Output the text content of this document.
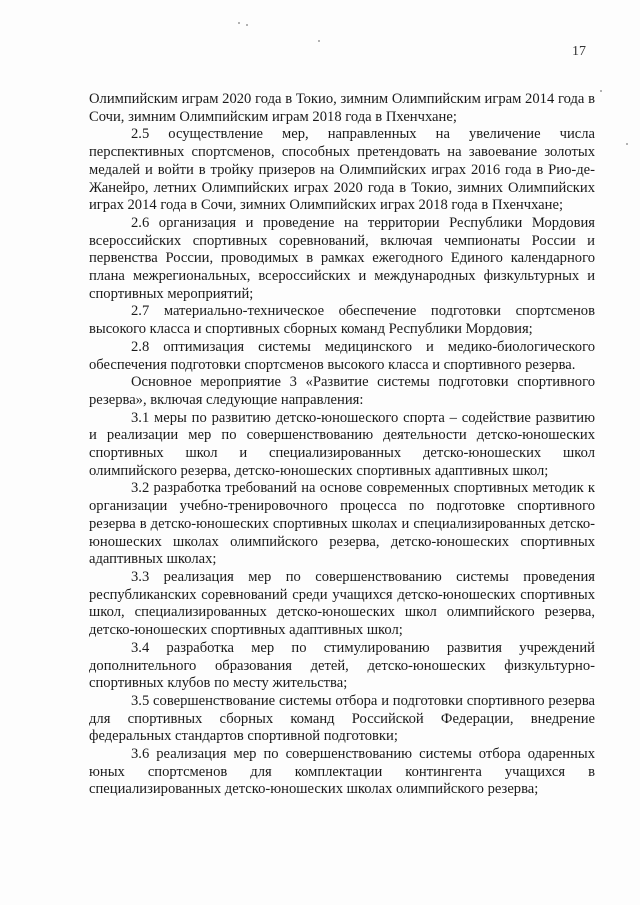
17

Олимпийским играм 2020 года в Токио, зимним Олимпийским играм 2014 года в Сочи, зимним Олимпийским играм 2018 года в Пхенчхане;

2.5 осуществление мер, направленных на увеличение числа перспективных спортсменов, способных претендовать на завоевание золотых медалей и войти в тройку призеров на Олимпийских играх 2016 года в Рио-де-Жанейро, летних Олимпийских играх 2020 года в Токио, зимних Олимпийских играх 2014 года в Сочи, зимних Олимпийских играх 2018 года в Пхенчхане;

2.6 организация и проведение на территории Республики Мордовия всероссийских спортивных соревнований, включая чемпионаты России и первенства России, проводимых в рамках ежегодного Единого календарного плана межрегиональных, всероссийских и международных физкультурных и спортивных мероприятий;

2.7 материально-техническое обеспечение подготовки спортсменов высокого класса и спортивных сборных команд Республики Мордовия;

2.8 оптимизация системы медицинского и медико-биологического обеспечения подготовки спортсменов высокого класса и спортивного резерва.

Основное мероприятие 3 «Развитие системы подготовки спортивного резерва», включая следующие направления:

3.1 меры по развитию детско-юношеского спорта – содействие развитию и реализации мер по совершенствованию деятельности детско-юношеских спортивных школ и специализированных детско-юношеских школ олимпийского резерва, детско-юношеских спортивных адаптивных школ;

3.2 разработка требований на основе современных спортивных методик к организации учебно-тренировочного процесса по подготовке спортивного резерва в детско-юношеских спортивных школах и специализированных детско-юношеских школах олимпийского резерва, детско-юношеских спортивных адаптивных школах;

3.3 реализация мер по совершенствованию системы проведения республиканских соревнований среди учащихся детско-юношеских спортивных школ, специализированных детско-юношеских школ олимпийского резерва, детско-юношеских спортивных адаптивных школ;

3.4 разработка мер по стимулированию развития учреждений дополнительного образования детей, детско-юношеских физкультурно-спортивных клубов по месту жительства;

3.5 совершенствование системы отбора и подготовки спортивного резерва для спортивных сборных команд Российской Федерации, внедрение федеральных стандартов спортивной подготовки;

3.6 реализация мер по совершенствованию системы отбора одаренных юных спортсменов для комплектации контингента учащихся в специализированных детско-юношеских школах олимпийского резерва;
